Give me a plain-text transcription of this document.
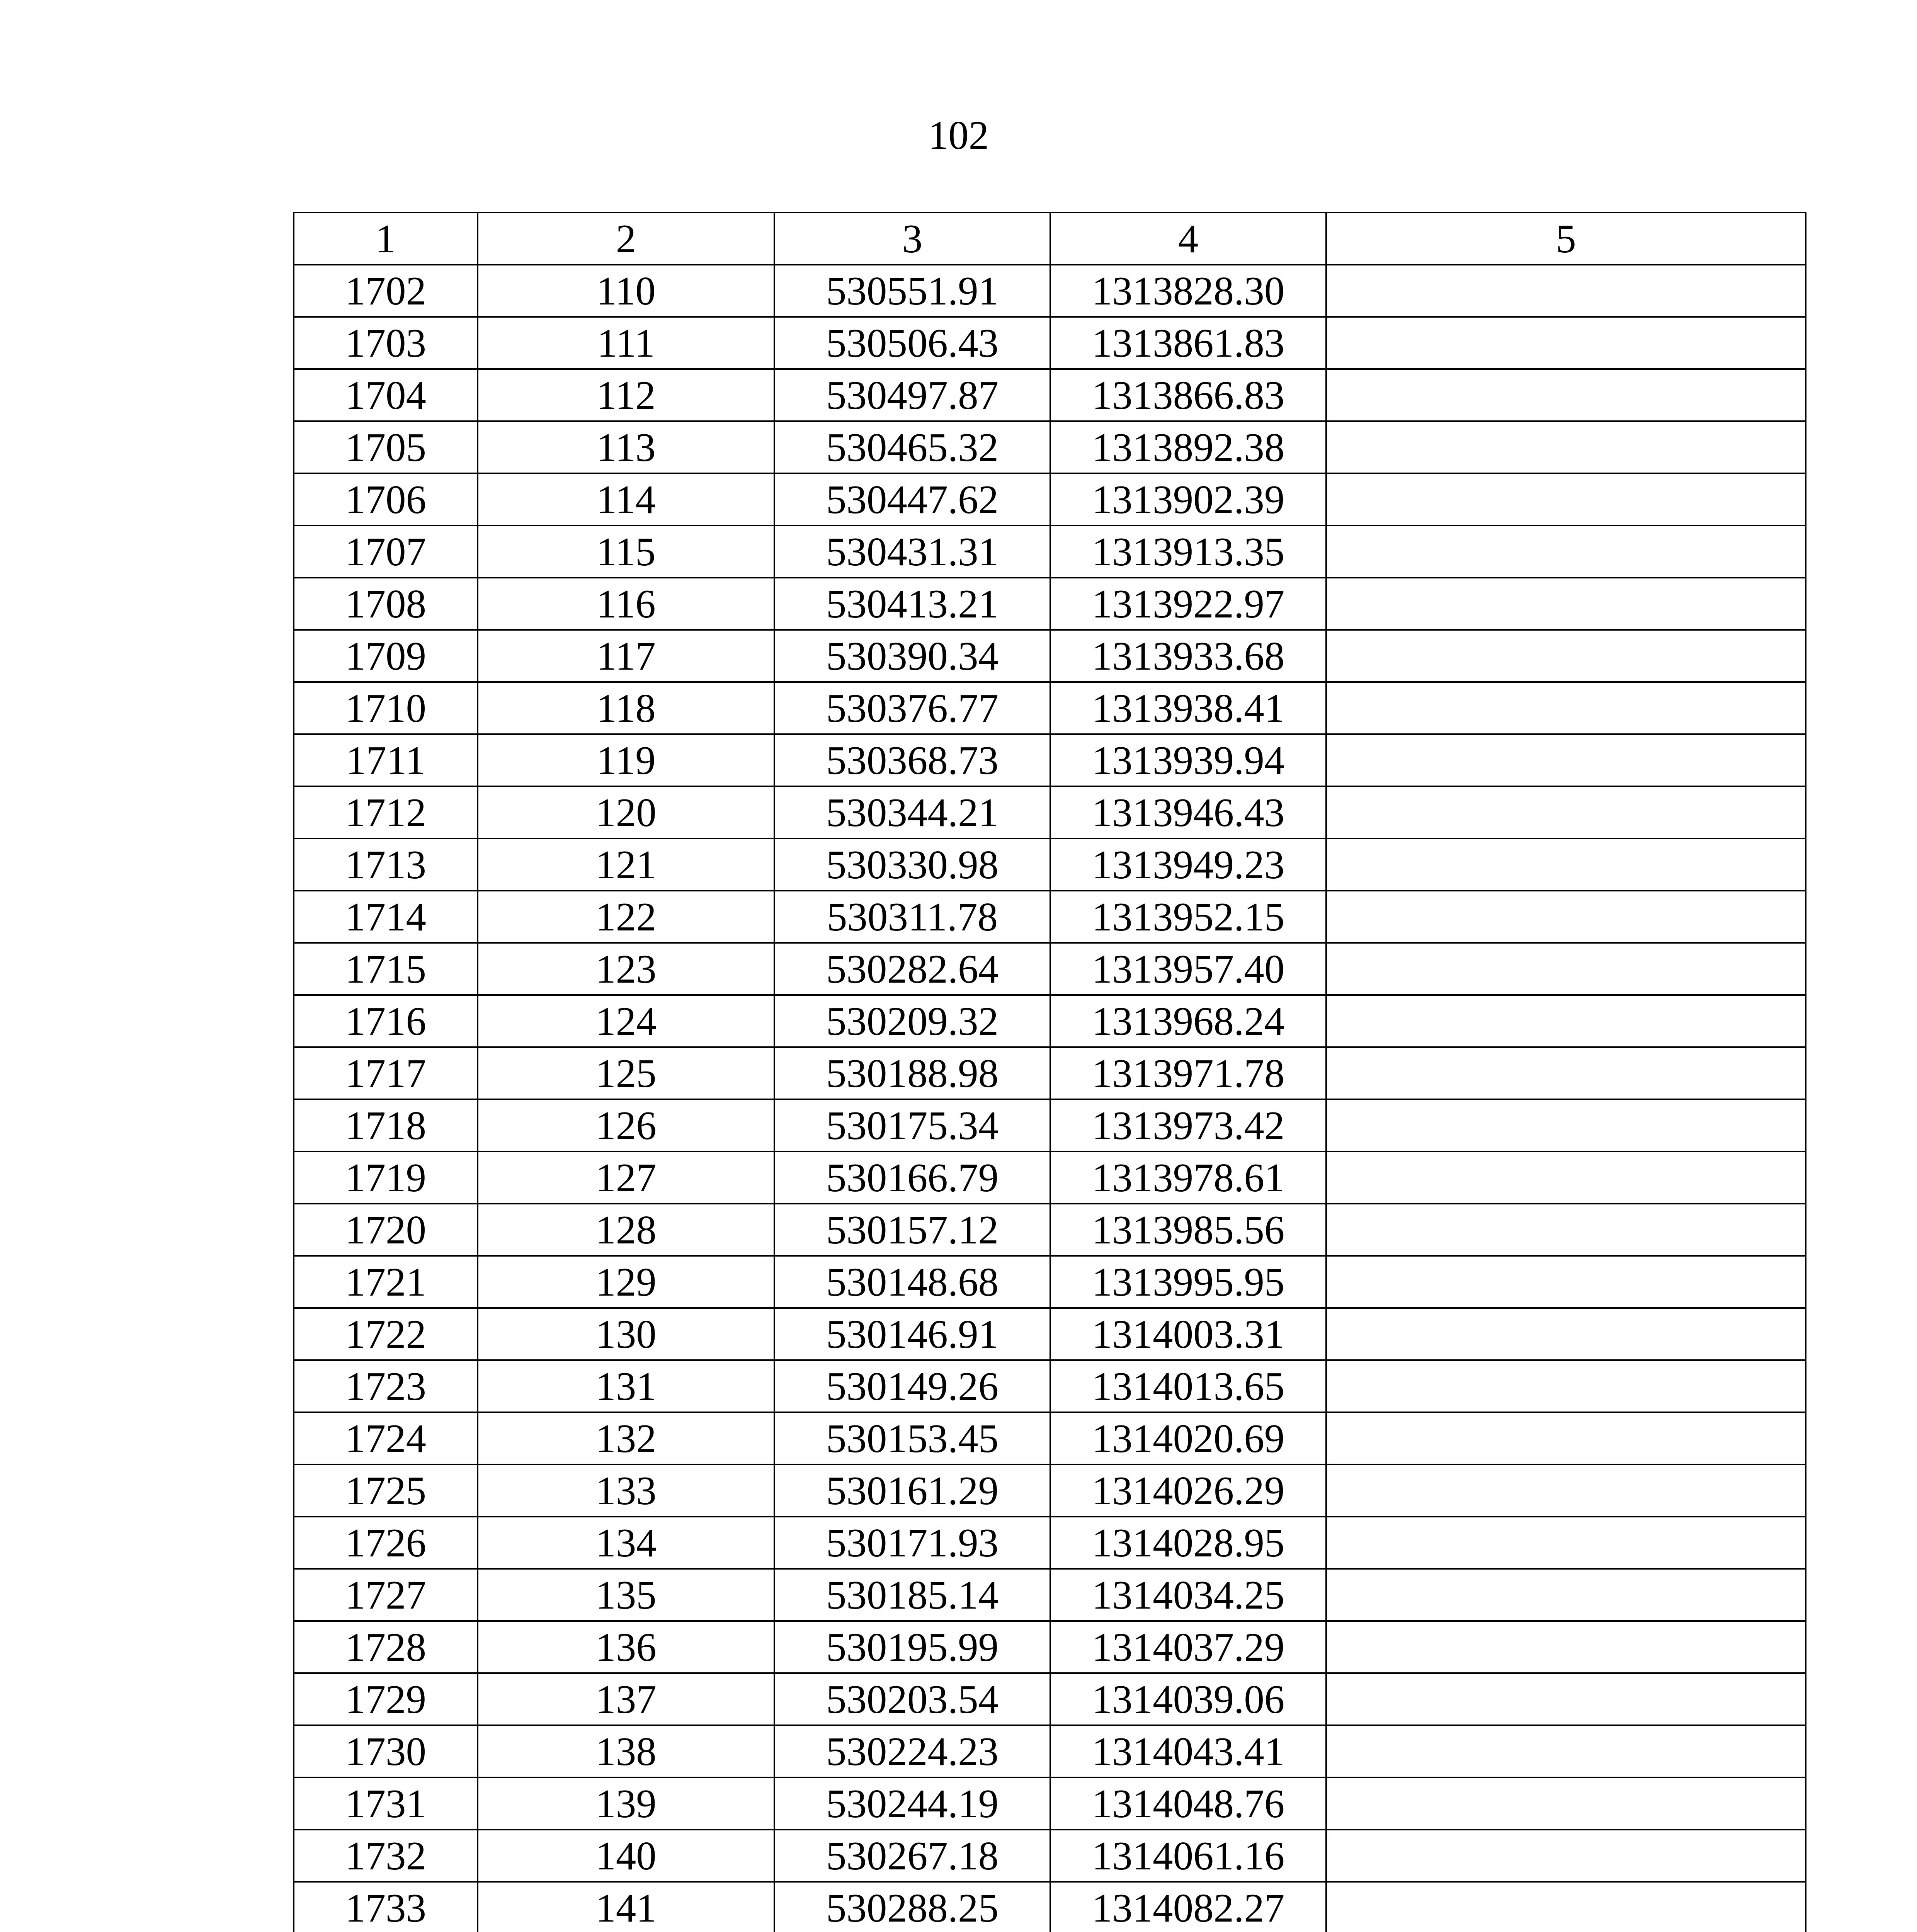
102
1	2	3	4	5
1702	110	530551.91	1313828.30	
1703	111	530506.43	1313861.83	
1704	112	530497.87	1313866.83	
1705	113	530465.32	1313892.38	
1706	114	530447.62	1313902.39	
1707	115	530431.31	1313913.35	
1708	116	530413.21	1313922.97	
1709	117	530390.34	1313933.68	
1710	118	530376.77	1313938.41	
1711	119	530368.73	1313939.94	
1712	120	530344.21	1313946.43	
1713	121	530330.98	1313949.23	
1714	122	530311.78	1313952.15	
1715	123	530282.64	1313957.40	
1716	124	530209.32	1313968.24	
1717	125	530188.98	1313971.78	
1718	126	530175.34	1313973.42	
1719	127	530166.79	1313978.61	
1720	128	530157.12	1313985.56	
1721	129	530148.68	1313995.95	
1722	130	530146.91	1314003.31	
1723	131	530149.26	1314013.65	
1724	132	530153.45	1314020.69	
1725	133	530161.29	1314026.29	
1726	134	530171.93	1314028.95	
1727	135	530185.14	1314034.25	
1728	136	530195.99	1314037.29	
1729	137	530203.54	1314039.06	
1730	138	530224.23	1314043.41	
1731	139	530244.19	1314048.76	
1732	140	530267.18	1314061.16	
1733	141	530288.25	1314082.27	
